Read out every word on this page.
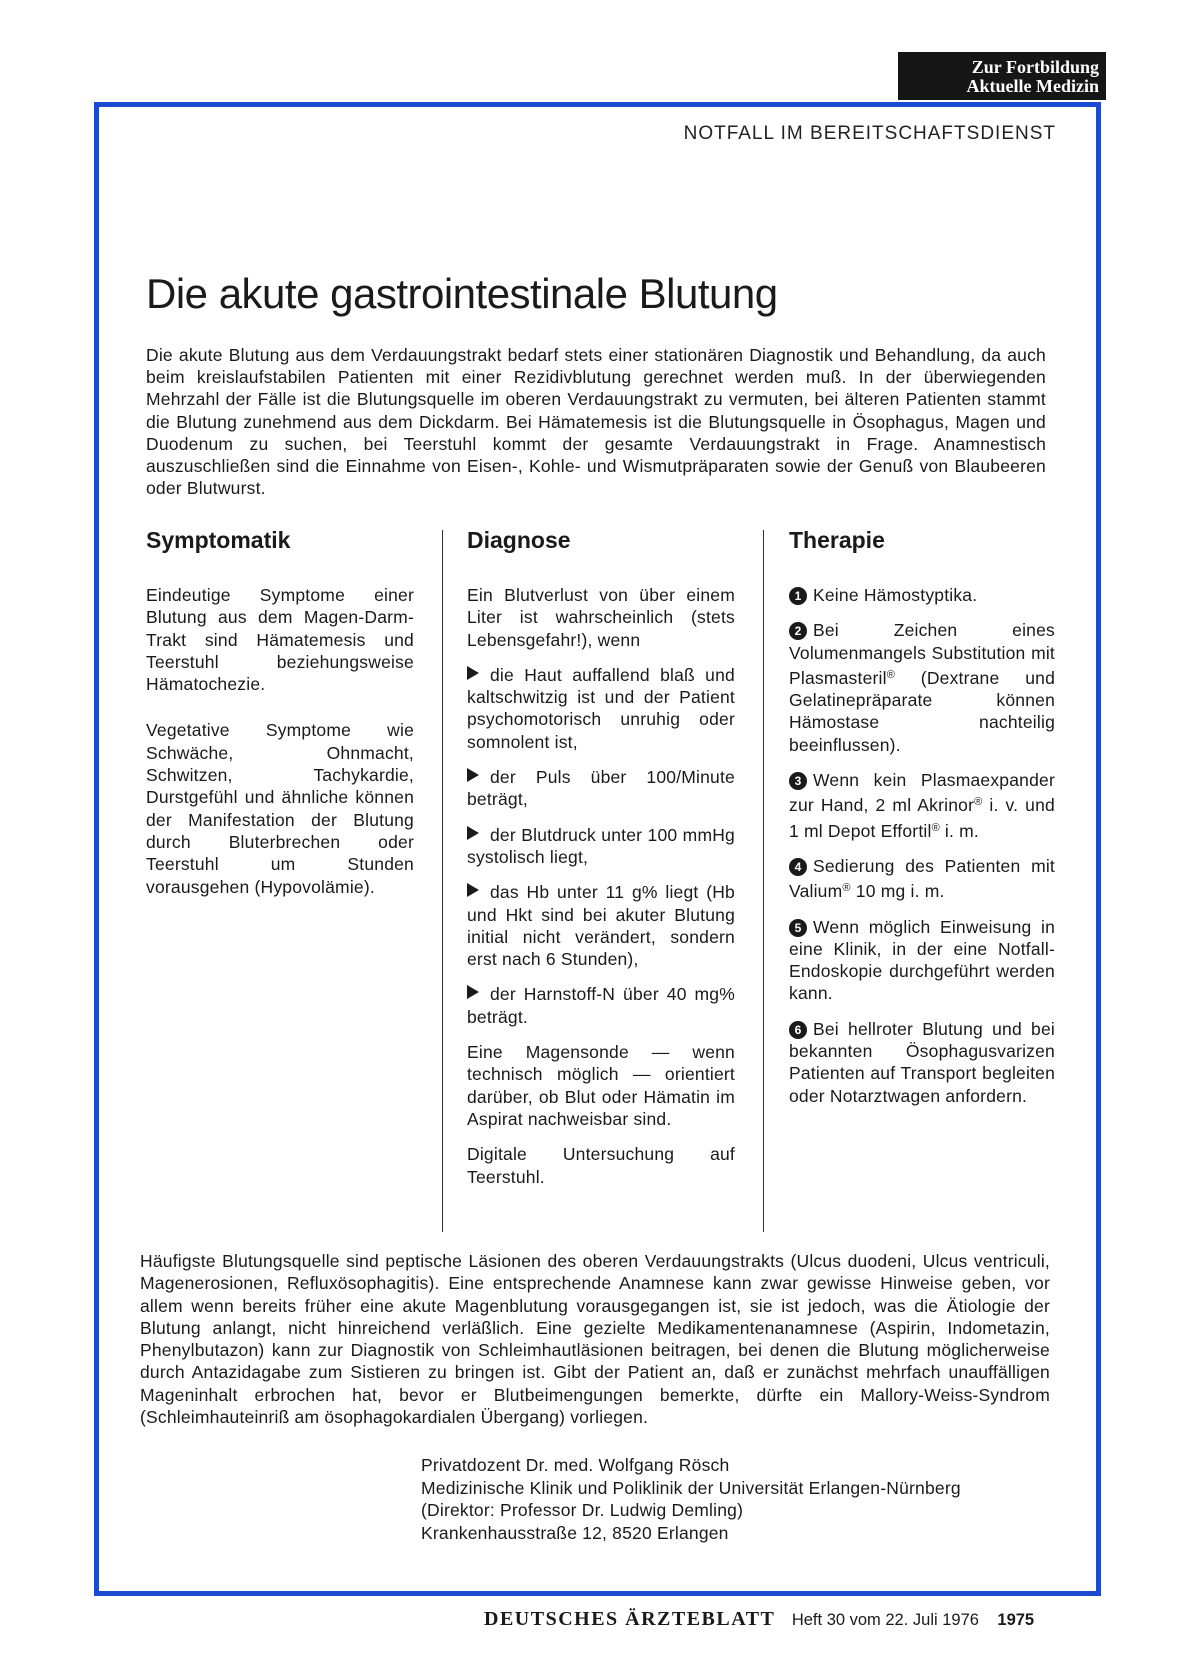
Zur Fortbildung
Aktuelle Medizin
NOTFALL IM BEREITSCHAFTSDIENST
Die akute gastrointestinale Blutung

Die akute Blutung aus dem Verdauungstrakt bedarf stets einer stationären Diagnostik und Behandlung, da auch beim kreislaufstabilen Patienten mit einer Rezidivblutung gerechnet werden muß. In der überwiegenden Mehrzahl der Fälle ist die Blutungsquelle im oberen Verdauungstrakt zu vermuten, bei älteren Patienten stammt die Blutung zunehmend aus dem Dickdarm. Bei Hämatemesis ist die Blutungsquelle in Ösophagus, Magen und Duodenum zu suchen, bei Teerstuhl kommt der gesamte Verdauungstrakt in Frage. Anamnestisch auszuschließen sind die Einnahme von Eisen-, Kohle- und Wismutpräparaten sowie der Genuß von Blaubeeren oder Blutwurst.

Symptomatik

Eindeutige Symptome einer Blutung aus dem Magen-Darm-Trakt sind Hämatemesis und Teerstuhl beziehungsweise Hämatochezie.

Vegetative Symptome wie Schwäche, Ohnmacht, Schwitzen, Tachykardie, Durstgefühl und ähnliche können der Manifestation der Blutung durch Bluterbrechen oder Teerstuhl um Stunden vorausgehen (Hypovolämie).

Diagnose

Ein Blutverlust von über einem Liter ist wahrscheinlich (stets Lebensgefahr!), wenn

die Haut auffallend blaß und kaltschwitzig ist und der Patient psychomotorisch unruhig oder somnolent ist,

der Puls über 100/Minute beträgt,

der Blutdruck unter 100 mmHg systolisch liegt,

das Hb unter 11 g% liegt (Hb und Hkt sind bei akuter Blutung initial nicht verändert, sondern erst nach 6 Stunden),

der Harnstoff-N über 40 mg% beträgt.

Eine Magensonde — wenn technisch möglich — orientiert darüber, ob Blut oder Hämatin im Aspirat nachweisbar sind.

Digitale Untersuchung auf Teerstuhl.

Therapie

1 Keine Hämostyptika.

2 Bei Zeichen eines Volumenmangels Substitution mit Plasmasteril® (Dextrane und Gelatinepräparate können Hämostase nachteilig beeinflussen).

3 Wenn kein Plasmaexpander zur Hand, 2 ml Akrinor® i. v. und 1 ml Depot Effortil® i. m.

4 Sedierung des Patienten mit Valium® 10 mg i. m.

5 Wenn möglich Einweisung in eine Klinik, in der eine Notfall-Endoskopie durchgeführt werden kann.

6 Bei hellroter Blutung und bei bekannten Ösophagusvarizen Patienten auf Transport begleiten oder Notarztwagen anfordern.

Häufigste Blutungsquelle sind peptische Läsionen des oberen Verdauungstrakts (Ulcus duodeni, Ulcus ventriculi, Magenerosionen, Refluxösophagitis). Eine entsprechende Anamnese kann zwar gewisse Hinweise geben, vor allem wenn bereits früher eine akute Magenblutung vorausgegangen ist, sie ist jedoch, was die Ätiologie der Blutung anlangt, nicht hinreichend verläßlich. Eine gezielte Medikamentenanamnese (Aspirin, Indometazin, Phenylbutazon) kann zur Diagnostik von Schleimhautläsionen beitragen, bei denen die Blutung möglicherweise durch Antazidagabe zum Sistieren zu bringen ist. Gibt der Patient an, daß er zunächst mehrfach unauffälligen Mageninhalt erbrochen hat, bevor er Blutbeimengungen bemerkte, dürfte ein Mallory-Weiss-Syndrom (Schleimhauteinriß am ösophagokardialen Übergang) vorliegen.

Privatdozent Dr. med. Wolfgang Rösch
Medizinische Klinik und Poliklinik der Universität Erlangen-Nürnberg
(Direktor: Professor Dr. Ludwig Demling)
Krankenhausstraße 12, 8520 Erlangen
DEUTSCHES ÄRZTEBLATT Heft 30 vom 22. Juli 1976 1975
